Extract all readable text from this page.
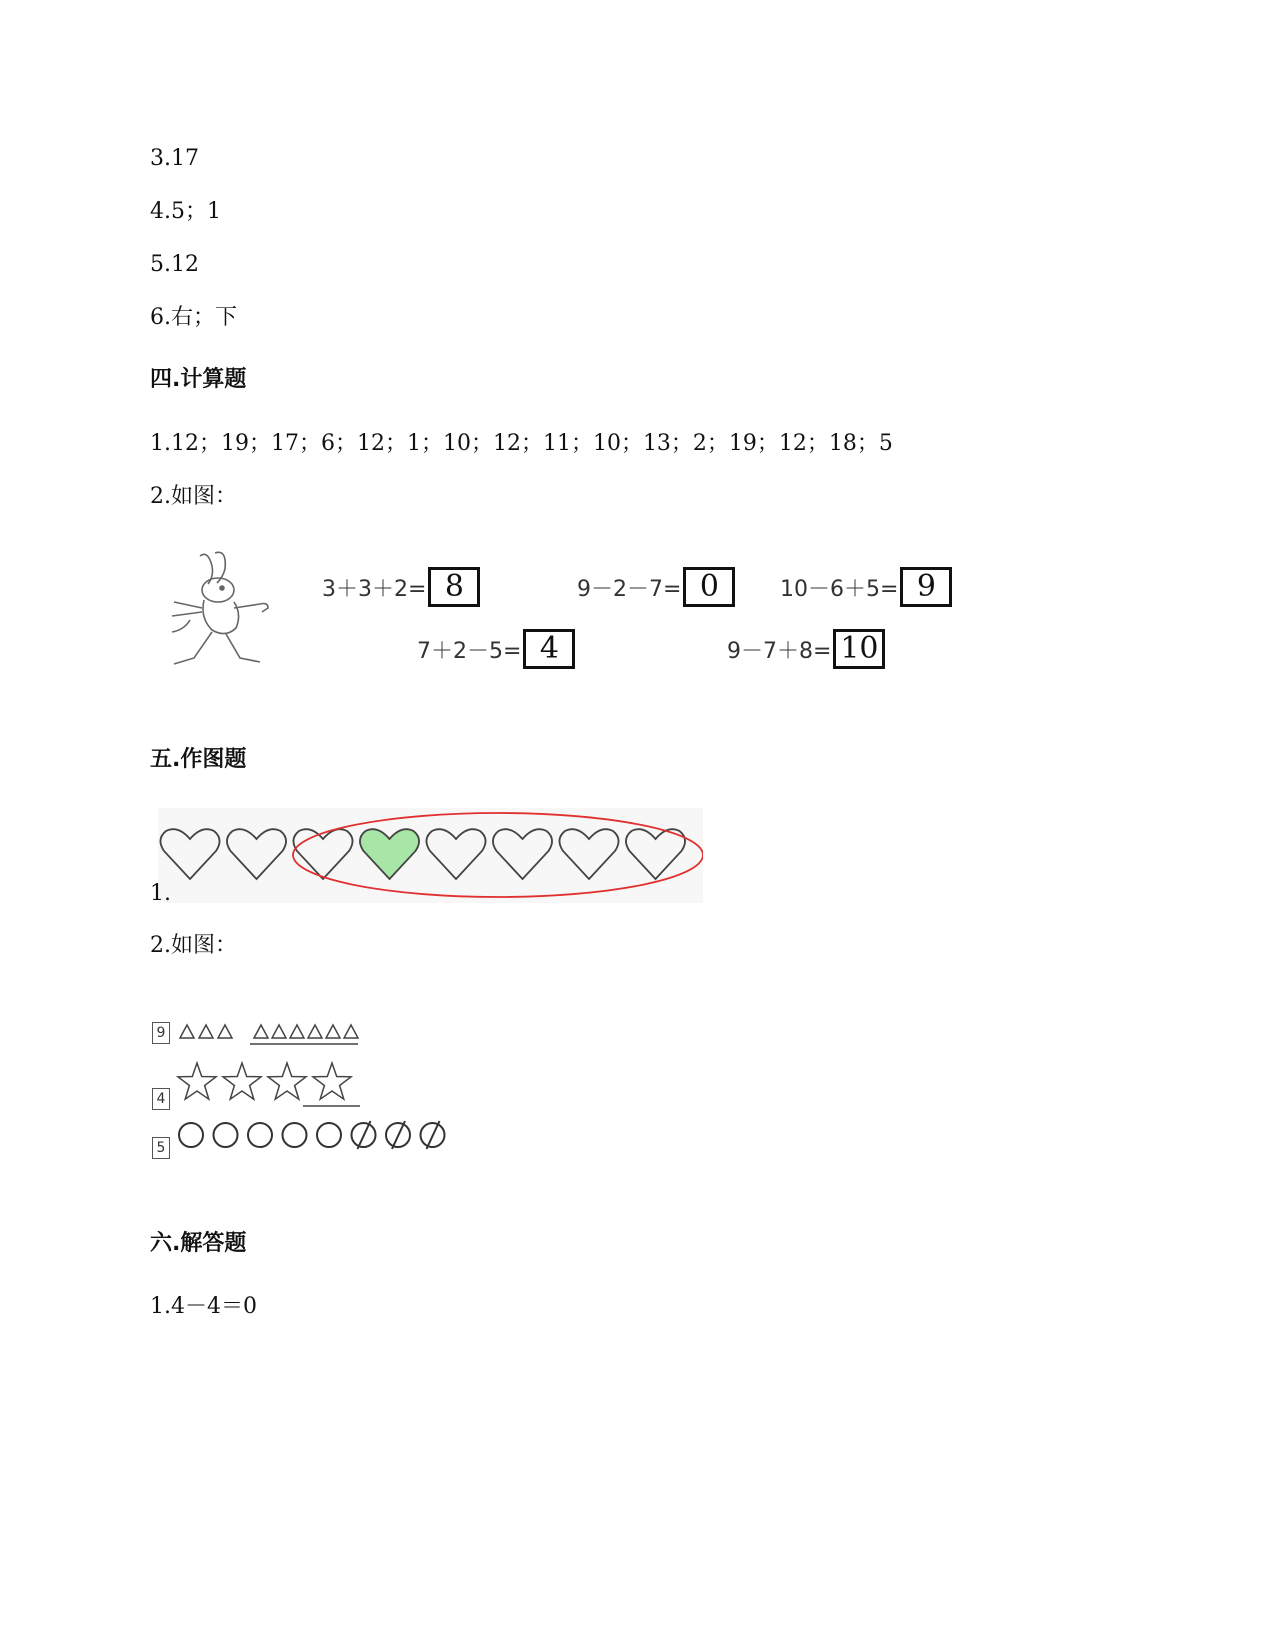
3.17
4.5；1
5.12
6.右；下
四.计算题
1.12；19；17；6；12；1；10；12；11；10；13；2；19；12；18；5
2.如图：
3＋3＋2= 8	9－2－7= 0	10－6＋5= 9
7＋2－5= 4	9－7＋8= 10
五.作图题
1.
2.如图：
9
4
5
六.解答题
1.4－4＝0
